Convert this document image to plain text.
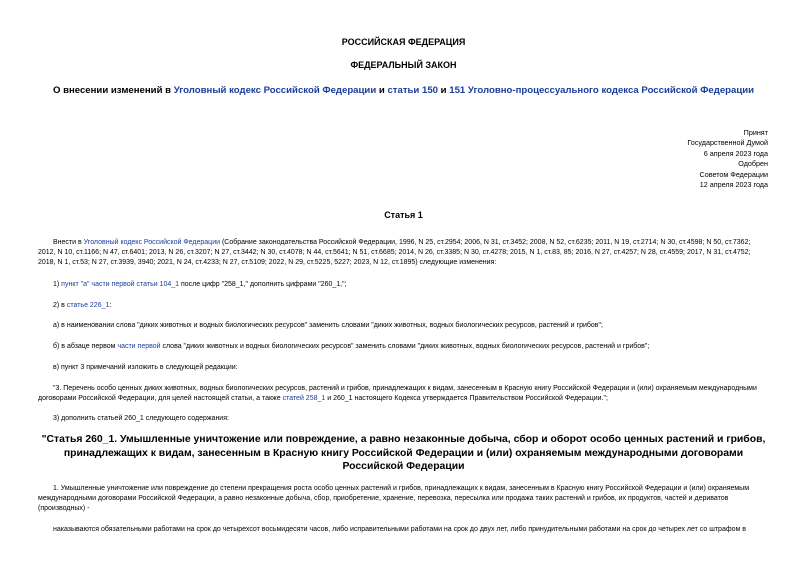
РОССИЙСКАЯ ФЕДЕРАЦИЯ
ФЕДЕРАЛЬНЫЙ ЗАКОН
О внесении изменений в Уголовный кодекс Российской Федерации и статьи 150 и 151 Уголовно-процессуального кодекса Российской Федерации
Принят
Государственной Думой
6 апреля 2023 года
Одобрен
Советом Федерации
12 апреля 2023 года
Статья 1
Внести в Уголовный кодекс Российской Федерации (Собрание законодательства Российской Федерации, 1996, N 25, ст.2954; 2006, N 31, ст.3452; 2008, N 52, ст.6235; 2011, N 19, ст.2714; N 30, ст.4598; N 50, ст.7362; 2012, N 10, ст.1166; N 47, ст.6401; 2013, N 26, ст.3207; N 27, ст.3442; N 30, ст.4078; N 44, ст.5641; N 51, ст.6685; 2014, N 26, ст.3385; N 30, ст.4278; 2015, N 1, ст.83, 85; 2016, N 27, ст.4257; N 28, ст.4559; 2017, N 31, ст.4752; 2018, N 1, ст.53; N 27, ст.3939, 3940; 2021, N 24, ст.4233; N 27, ст.5109; 2022, N 29, ст.5225, 5227; 2023, N 12, ст.1895) следующие изменения:
1) пункт "а" части первой статьи 104_1 после цифр "258_1," дополнить цифрами "260_1,";
2) в статье 226_1:
а) в наименовании слова "диких животных и водных биологических ресурсов" заменить словами "диких животных, водных биологических ресурсов, растений и грибов";
б) в абзаце первом части первой слова "диких животных и водных биологических ресурсов" заменить словами "диких животных, водных биологических ресурсов, растений и грибов";
в) пункт 3 примечаний изложить в следующей редакции:
"3. Перечень особо ценных диких животных, водных биологических ресурсов, растений и грибов, принадлежащих к видам, занесенным в Красную книгу Российской Федерации и (или) охраняемым международными договорами Российской Федерации, для целей настоящей статьи, а также статей 258_1 и 260_1 настоящего Кодекса утверждается Правительством Российской Федерации.";
3) дополнить статьей 260_1 следующего содержания:
"Статья 260_1. Умышленные уничтожение или повреждение, а равно незаконные добыча, сбор и оборот особо ценных растений и грибов, принадлежащих к видам, занесенным в Красную книгу Российской Федерации и (или) охраняемым международными договорами Российской Федерации
1. Умышленные уничтожение или повреждение до степени прекращения роста особо ценных растений и грибов, принадлежащих к видам, занесенным в Красную книгу Российской Федерации и (или) охраняемым международными договорами Российской Федерации, а равно незаконные добыча, сбор, приобретение, хранение, перевозка, пересылка или продажа таких растений и грибов, их продуктов, частей и дериватов (производных) -
наказываются обязательными работами на срок до четырехсот восьмидесяти часов, либо исправительными работами на срок до двух лет, либо принудительными работами на срок до четырех лет со штрафом в
